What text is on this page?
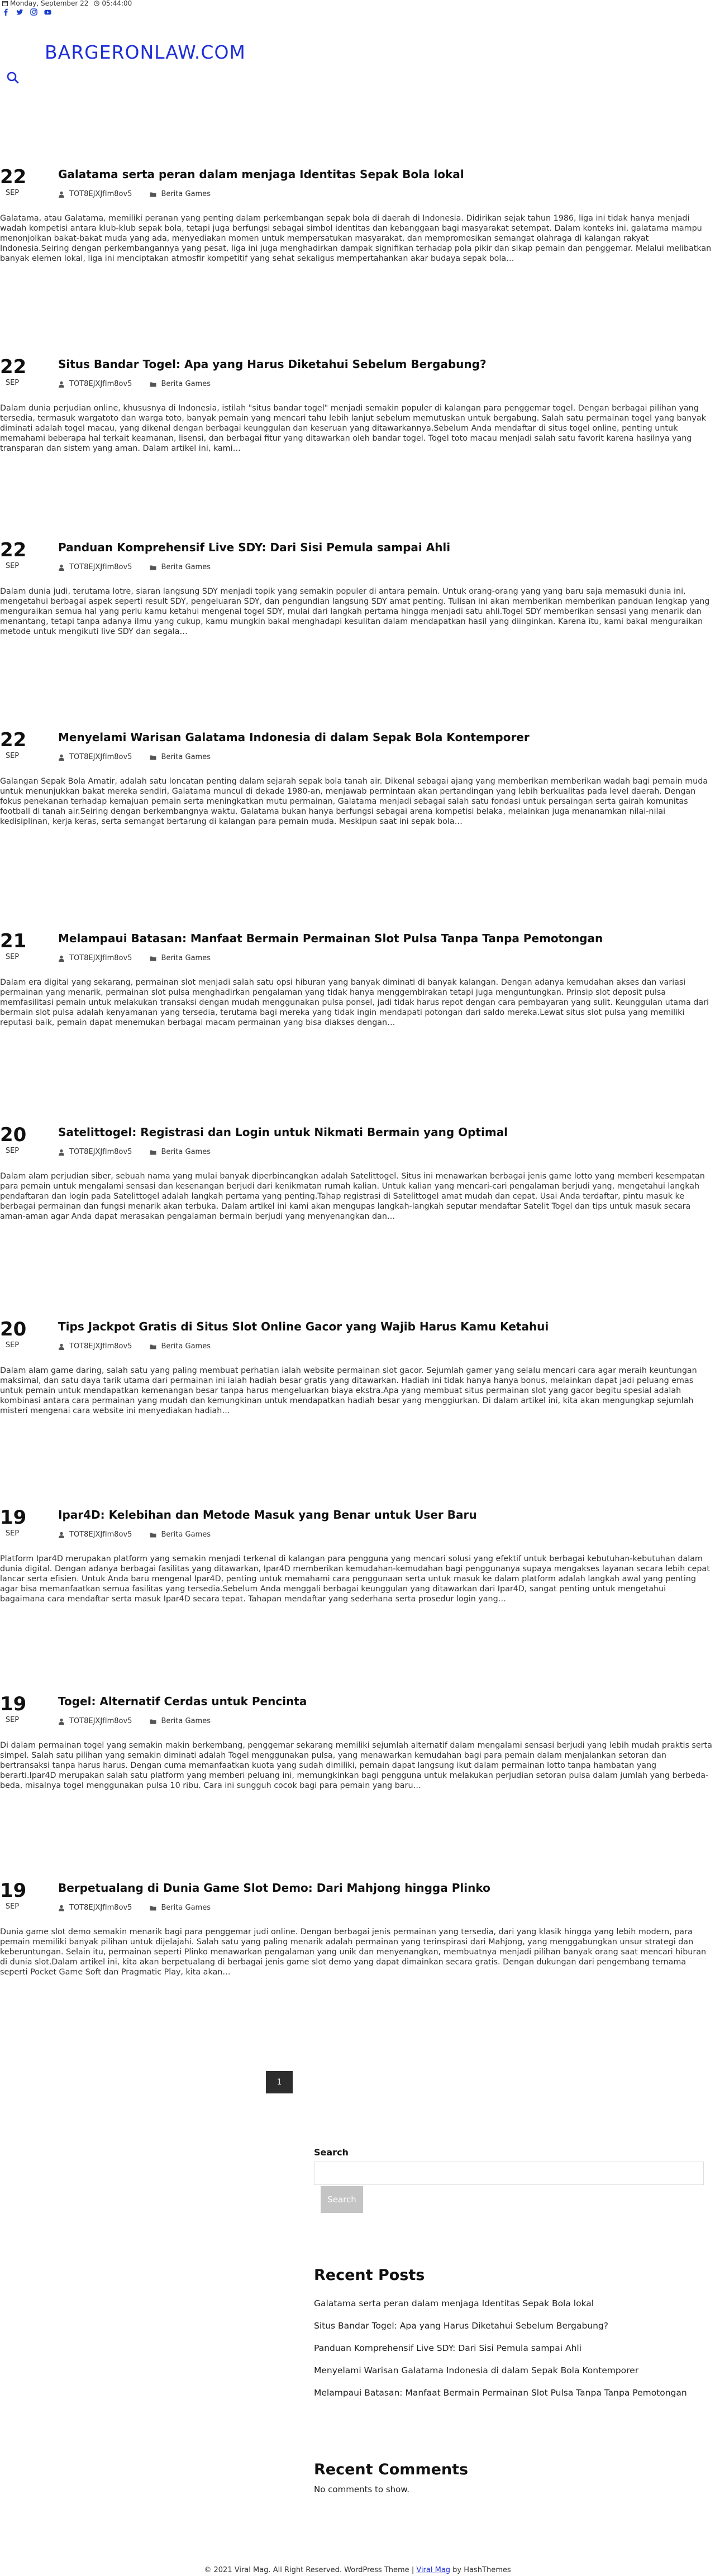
Monday, September 22 05:44:00
BARGERONLAW.COM
22
SEP
Galatama serta peran dalam menjaga Identitas Sepak Bola lokal
TOT8EJXJfIm8ov5	Berita Games
Galatama, atau Galatama, memiliki peranan yang penting dalam perkembangan sepak bola di daerah di Indonesia. Didirikan sejak tahun 1986, liga ini tidak hanya menjadi wadah kompetisi antara klub-klub sepak bola, tetapi juga berfungsi sebagai simbol identitas dan kebanggaan bagi masyarakat setempat. Dalam konteks ini, galatama mampu menonjolkan bakat-bakat muda yang ada, menyediakan momen untuk mempersatukan masyarakat, dan mempromosikan semangat olahraga di kalangan rakyat Indonesia.Seiring dengan perkembangannya yang pesat, liga ini juga menghadirkan dampak signifikan terhadap pola pikir dan sikap pemain dan penggemar. Melalui melibatkan banyak elemen lokal, liga ini menciptakan atmosfir kompetitif yang sehat sekaligus mempertahankan akar budaya sepak bola…
22
SEP
Situs Bandar Togel: Apa yang Harus Diketahui Sebelum Bergabung?
TOT8EJXJfIm8ov5	Berita Games
Dalam dunia perjudian online, khususnya di Indonesia, istilah "situs bandar togel" menjadi semakin populer di kalangan para penggemar togel. Dengan berbagai pilihan yang tersedia, termasuk wargatoto dan warga toto, banyak pemain yang mencari tahu lebih lanjut sebelum memutuskan untuk bergabung. Salah satu permainan togel yang banyak diminati adalah togel macau, yang dikenal dengan berbagai keunggulan dan keseruan yang ditawarkannya.Sebelum Anda mendaftar di situs togel online, penting untuk memahami beberapa hal terkait keamanan, lisensi, dan berbagai fitur yang ditawarkan oleh bandar togel. Togel toto macau menjadi salah satu favorit karena hasilnya yang transparan dan sistem yang aman. Dalam artikel ini, kami…
22
SEP
Panduan Komprehensif Live SDY: Dari Sisi Pemula sampai Ahli
TOT8EJXJfIm8ov5	Berita Games
Dalam dunia judi, terutama lotre, siaran langsung SDY menjadi topik yang semakin populer di antara pemain. Untuk orang-orang yang yang baru saja memasuki dunia ini, mengetahui berbagai aspek seperti result SDY, pengeluaran SDY, dan pengundian langsung SDY amat penting. Tulisan ini akan memberikan memberikan panduan lengkap yang menguraikan semua hal yang perlu kamu ketahui mengenai togel SDY, mulai dari langkah pertama hingga menjadi satu ahli.Togel SDY memberikan sensasi yang menarik dan menantang, tetapi tanpa adanya ilmu yang cukup, kamu mungkin bakal menghadapi kesulitan dalam mendapatkan hasil yang diinginkan. Karena itu, kami bakal menguraikan metode untuk mengikuti live SDY dan segala…
22
SEP
Menyelami Warisan Galatama Indonesia di dalam Sepak Bola Kontemporer
TOT8EJXJfIm8ov5	Berita Games
Galangan Sepak Bola Amatir, adalah satu loncatan penting dalam sejarah sepak bola tanah air. Dikenal sebagai ajang yang memberikan memberikan wadah bagi pemain muda untuk menunjukkan bakat mereka sendiri, Galatama muncul di dekade 1980-an, menjawab permintaan akan pertandingan yang lebih berkualitas pada level daerah. Dengan fokus penekanan terhadap kemajuan pemain serta meningkatkan mutu permainan, Galatama menjadi sebagai salah satu fondasi untuk persaingan serta gairah komunitas football di tanah air.Seiring dengan berkembangnya waktu, Galatama bukan hanya berfungsi sebagai arena kompetisi belaka, melainkan juga menanamkan nilai-nilai kedisiplinan, kerja keras, serta semangat bertarung di kalangan para pemain muda. Meskipun saat ini sepak bola…
21
SEP
Melampaui Batasan: Manfaat Bermain Permainan Slot Pulsa Tanpa Tanpa Pemotongan
TOT8EJXJfIm8ov5	Berita Games
Dalam era digital yang sekarang, permainan slot menjadi salah satu opsi hiburan yang banyak diminati di banyak kalangan. Dengan adanya kemudahan akses dan variasi permainan yang menarik, permainan slot pulsa menghadirkan pengalaman yang tidak hanya menggembirakan tetapi juga menguntungkan. Prinsip slot deposit pulsa memfasilitasi pemain untuk melakukan transaksi dengan mudah menggunakan pulsa ponsel, jadi tidak harus repot dengan cara pembayaran yang sulit. Keunggulan utama dari bermain slot pulsa adalah kenyamanan yang tersedia, terutama bagi mereka yang tidak ingin mendapati potongan dari saldo mereka.Lewat situs slot pulsa yang memiliki reputasi baik, pemain dapat menemukan berbagai macam permainan yang bisa diakses dengan…
20
SEP
Satelittogel: Registrasi dan Login untuk Nikmati Bermain yang Optimal
TOT8EJXJfIm8ov5	Berita Games
Dalam alam perjudian siber, sebuah nama yang mulai banyak diperbincangkan adalah Satelittogel. Situs ini menawarkan berbagai jenis game lotto yang memberi kesempatan para pemain untuk mengalami sensasi dan kesenangan berjudi dari kenikmatan rumah kalian. Untuk kalian yang mencari-cari pengalaman berjudi yang, mengetahui langkah pendaftaran dan login pada Satelittogel adalah langkah pertama yang penting.Tahap registrasi di Satelittogel amat mudah dan cepat. Usai Anda terdaftar, pintu masuk ke berbagai permainan dan fungsi menarik akan terbuka. Dalam artikel ini kami akan mengupas langkah-langkah seputar mendaftar Satelit Togel dan tips untuk masuk secara aman-aman agar Anda dapat merasakan pengalaman bermain berjudi yang menyenangkan dan…
20
SEP
Tips Jackpot Gratis di Situs Slot Online Gacor yang Wajib Harus Kamu Ketahui
TOT8EJXJfIm8ov5	Berita Games
Dalam alam game daring, salah satu yang paling membuat perhatian ialah website permainan slot gacor. Sejumlah gamer yang selalu mencari cara agar meraih keuntungan maksimal, dan satu daya tarik utama dari permainan ini ialah hadiah besar gratis yang ditawarkan. Hadiah ini tidak hanya hanya bonus, melainkan dapat jadi peluang emas untuk pemain untuk mendapatkan kemenangan besar tanpa harus mengeluarkan biaya ekstra.Apa yang membuat situs permainan slot yang gacor begitu spesial adalah kombinasi antara cara permainan yang mudah dan kemungkinan untuk mendapatkan hadiah besar yang menggiurkan. Di dalam artikel ini, kita akan mengungkap sejumlah misteri mengenai cara website ini menyediakan hadiah…
19
SEP
Ipar4D: Kelebihan dan Metode Masuk yang Benar untuk User Baru
TOT8EJXJfIm8ov5	Berita Games
Platform Ipar4D merupakan platform yang semakin menjadi terkenal di kalangan para pengguna yang mencari solusi yang efektif untuk berbagai kebutuhan-kebutuhan dalam dunia digital. Dengan adanya berbagai fasilitas yang ditawarkan, Ipar4D memberikan kemudahan-kemudahan bagi penggunanya supaya mengakses layanan secara lebih cepat lancar serta efisien. Untuk Anda baru mengenal Ipar4D, penting untuk memahami cara penggunaan serta untuk masuk ke dalam platform adalah langkah awal yang penting agar bisa memanfaatkan semua fasilitas yang tersedia.Sebelum Anda menggali berbagai keunggulan yang ditawarkan dari Ipar4D, sangat penting untuk mengetahui bagaimana cara mendaftar serta masuk Ipar4D secara tepat. Tahapan mendaftar yang sederhana serta prosedur login yang…
19
SEP
Togel: Alternatif Cerdas untuk Pencinta
TOT8EJXJfIm8ov5	Berita Games
Di dalam permainan togel yang semakin makin berkembang, penggemar sekarang memiliki sejumlah alternatif dalam mengalami sensasi berjudi yang lebih mudah praktis serta simpel. Salah satu pilihan yang semakin diminati adalah Togel menggunakan pulsa, yang menawarkan kemudahan bagi para pemain dalam menjalankan setoran dan bertransaksi tanpa harus harus. Dengan cuma memanfaatkan kuota yang sudah dimiliki, pemain dapat langsung ikut dalam permainan lotto tanpa hambatan yang berarti.Ipar4D merupakan salah satu platform yang memberi peluang ini, memungkinkan bagi pengguna untuk melakukan perjudian setoran pulsa dalam jumlah yang berbeda-beda, misalnya togel menggunakan pulsa 10 ribu. Cara ini sungguh cocok bagi para pemain yang baru…
19
SEP
Berpetualang di Dunia Game Slot Demo: Dari Mahjong hingga Plinko
TOT8EJXJfIm8ov5	Berita Games
Dunia game slot demo semakin menarik bagi para penggemar judi online. Dengan berbagai jenis permainan yang tersedia, dari yang klasik hingga yang lebih modern, para pemain memiliki banyak pilihan untuk dijelajahi. Salah satu yang paling menarik adalah permainan yang terinspirasi dari Mahjong, yang menggabungkan unsur strategi dan keberuntungan. Selain itu, permainan seperti Plinko menawarkan pengalaman yang unik dan menyenangkan, membuatnya menjadi pilihan banyak orang saat mencari hiburan di dunia slot.Dalam artikel ini, kita akan berpetualang di berbagai jenis game slot demo yang dapat dimainkan secara gratis. Dengan dukungan dari pengembang ternama seperti Pocket Game Soft dan Pragmatic Play, kita akan…
1
Search
Search
Recent Posts
Galatama serta peran dalam menjaga Identitas Sepak Bola lokal
Situs Bandar Togel: Apa yang Harus Diketahui Sebelum Bergabung?
Panduan Komprehensif Live SDY: Dari Sisi Pemula sampai Ahli
Menyelami Warisan Galatama Indonesia di dalam Sepak Bola Kontemporer
Melampaui Batasan: Manfaat Bermain Permainan Slot Pulsa Tanpa Tanpa Pemotongan
Recent Comments
No comments to show.
© 2021 Viral Mag. All Right Reserved. WordPress Theme | Viral Mag by HashThemes
